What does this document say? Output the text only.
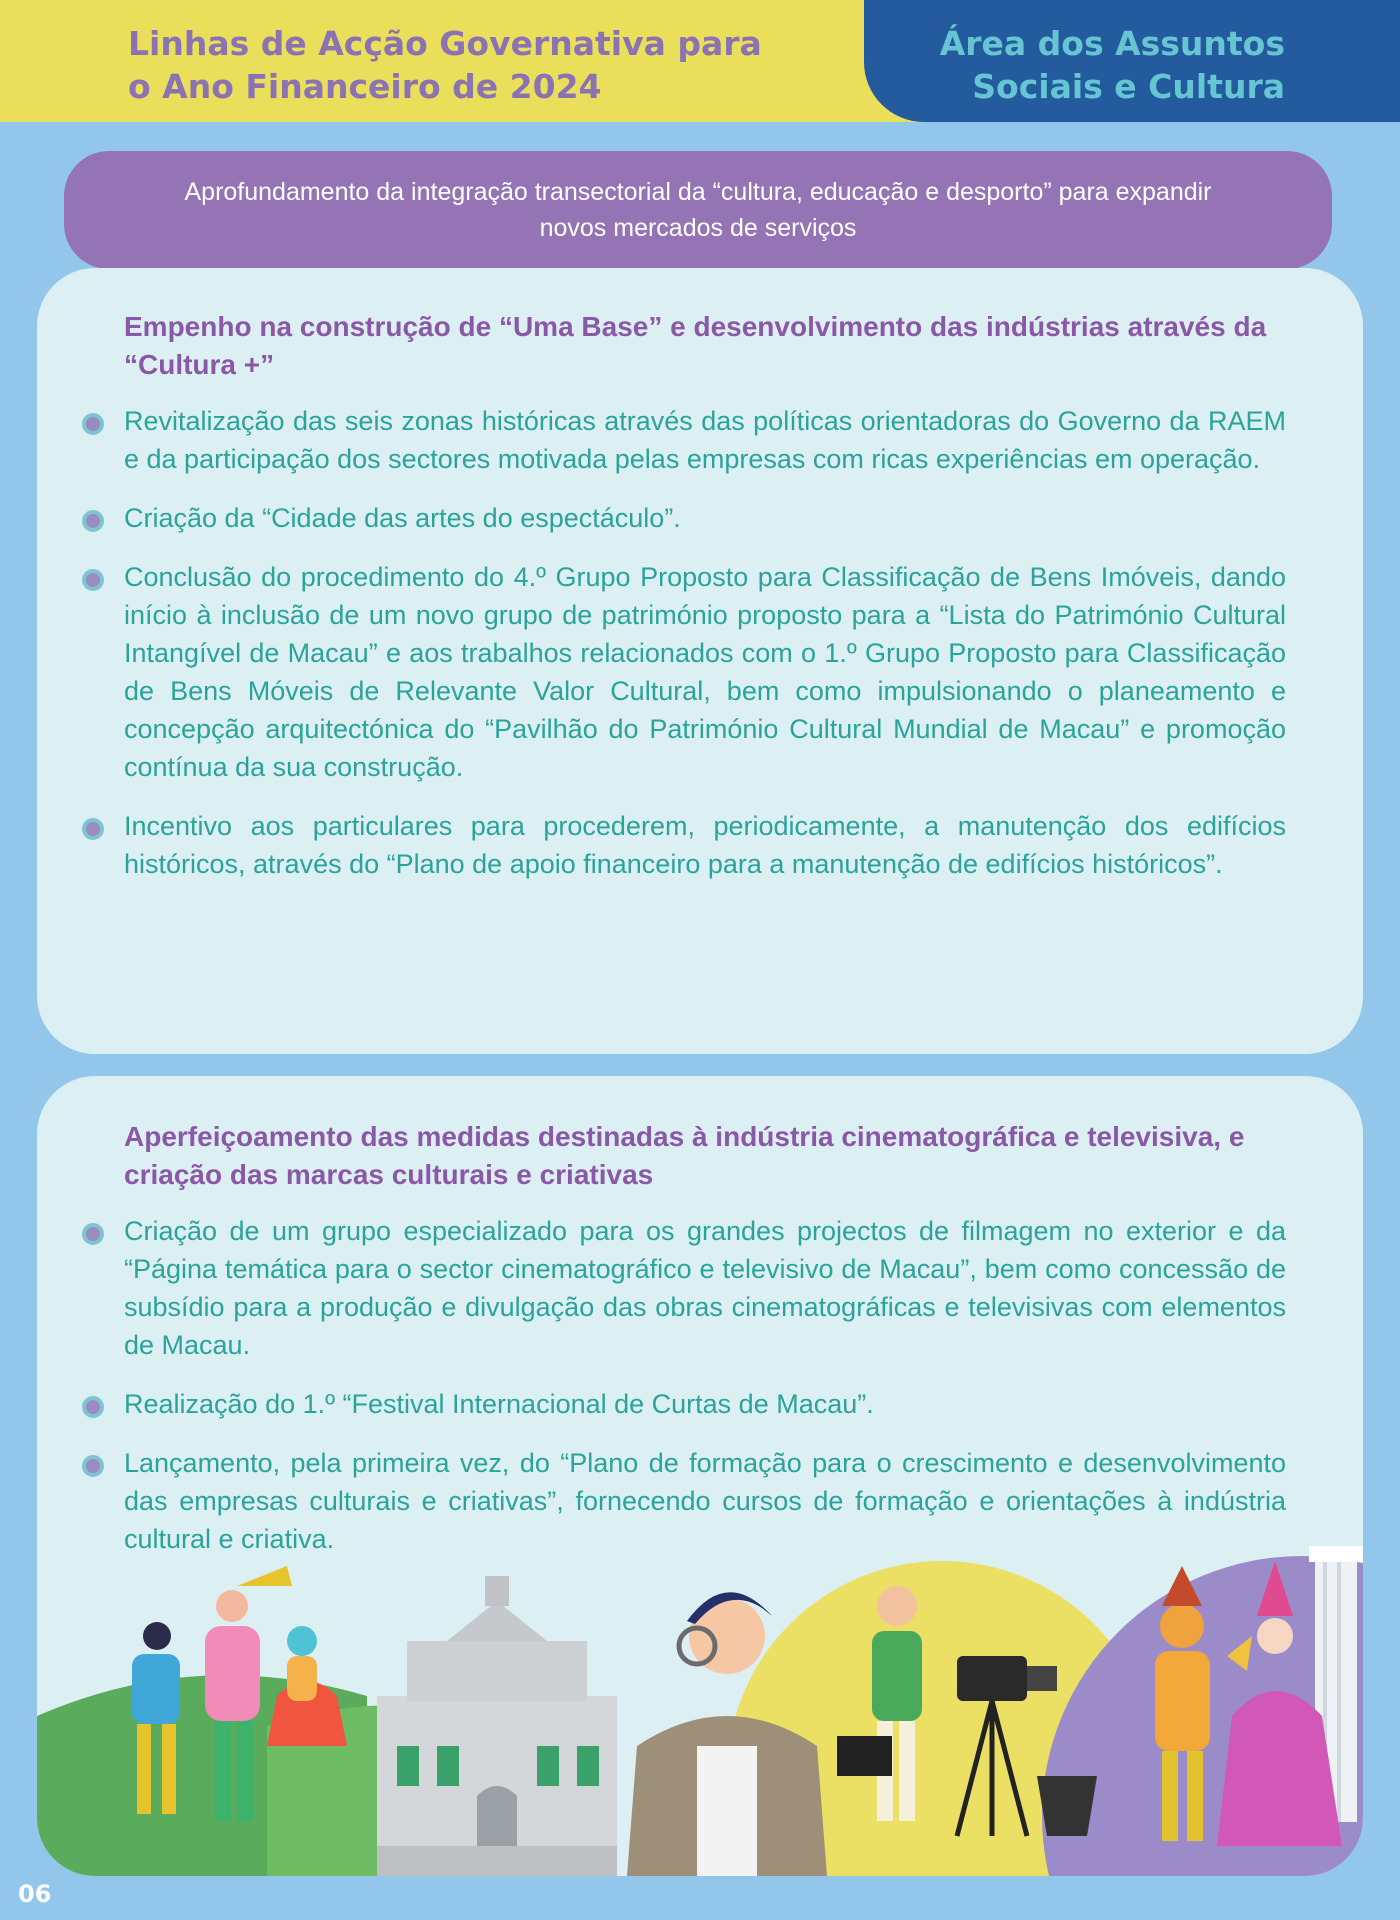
Linhas de Acção Governativa para
o Ano Financeiro de 2024
Área dos Assuntos
Sociais e Cultura
Aprofundamento da integração transectorial da “cultura, educação e desporto” para expandir novos mercados de serviços
Empenho na construção de “Uma Base” e desenvolvimento das indústrias através da “Cultura +”
Revitalização das seis zonas históricas através das políticas orientadoras do Governo da RAEM e da participação dos sectores motivada pelas empresas com ricas experiências em operação.
Criação da “Cidade das artes do espectáculo”.
Conclusão do procedimento do 4.º Grupo Proposto para Classificação de Bens Imóveis, dando início à inclusão de um novo grupo de património proposto para a “Lista do Património Cultural Intangível de Macau” e aos trabalhos relacionados com o 1.º Grupo Proposto para Classificação de Bens Móveis de Relevante Valor Cultural, bem como impulsionando o planeamento e concepção arquitectónica do “Pavilhão do Património Cultural Mundial de Macau” e promoção contínua da sua construção.
Incentivo aos particulares para procederem, periodicamente, a manutenção dos edifícios históricos, através do “Plano de apoio financeiro para a manutenção de edifícios históricos”.
Aperfeiçoamento das medidas destinadas à indústria cinematográfica e televisiva, e criação das marcas culturais e criativas
Criação de um grupo especializado para os grandes projectos de filmagem no exterior e da “Página temática para o sector cinematográfico e televisivo de Macau”, bem como concessão de subsídio para a produção e divulgação das obras cinematográficas e televisivas com elementos de Macau.
Realização do 1.º “Festival Internacional de Curtas de Macau”.
Lançamento, pela primeira vez, do “Plano de formação para o crescimento e desenvolvimento das empresas culturais e criativas”, fornecendo cursos de formação e orientações à indústria cultural e criativa.
06
